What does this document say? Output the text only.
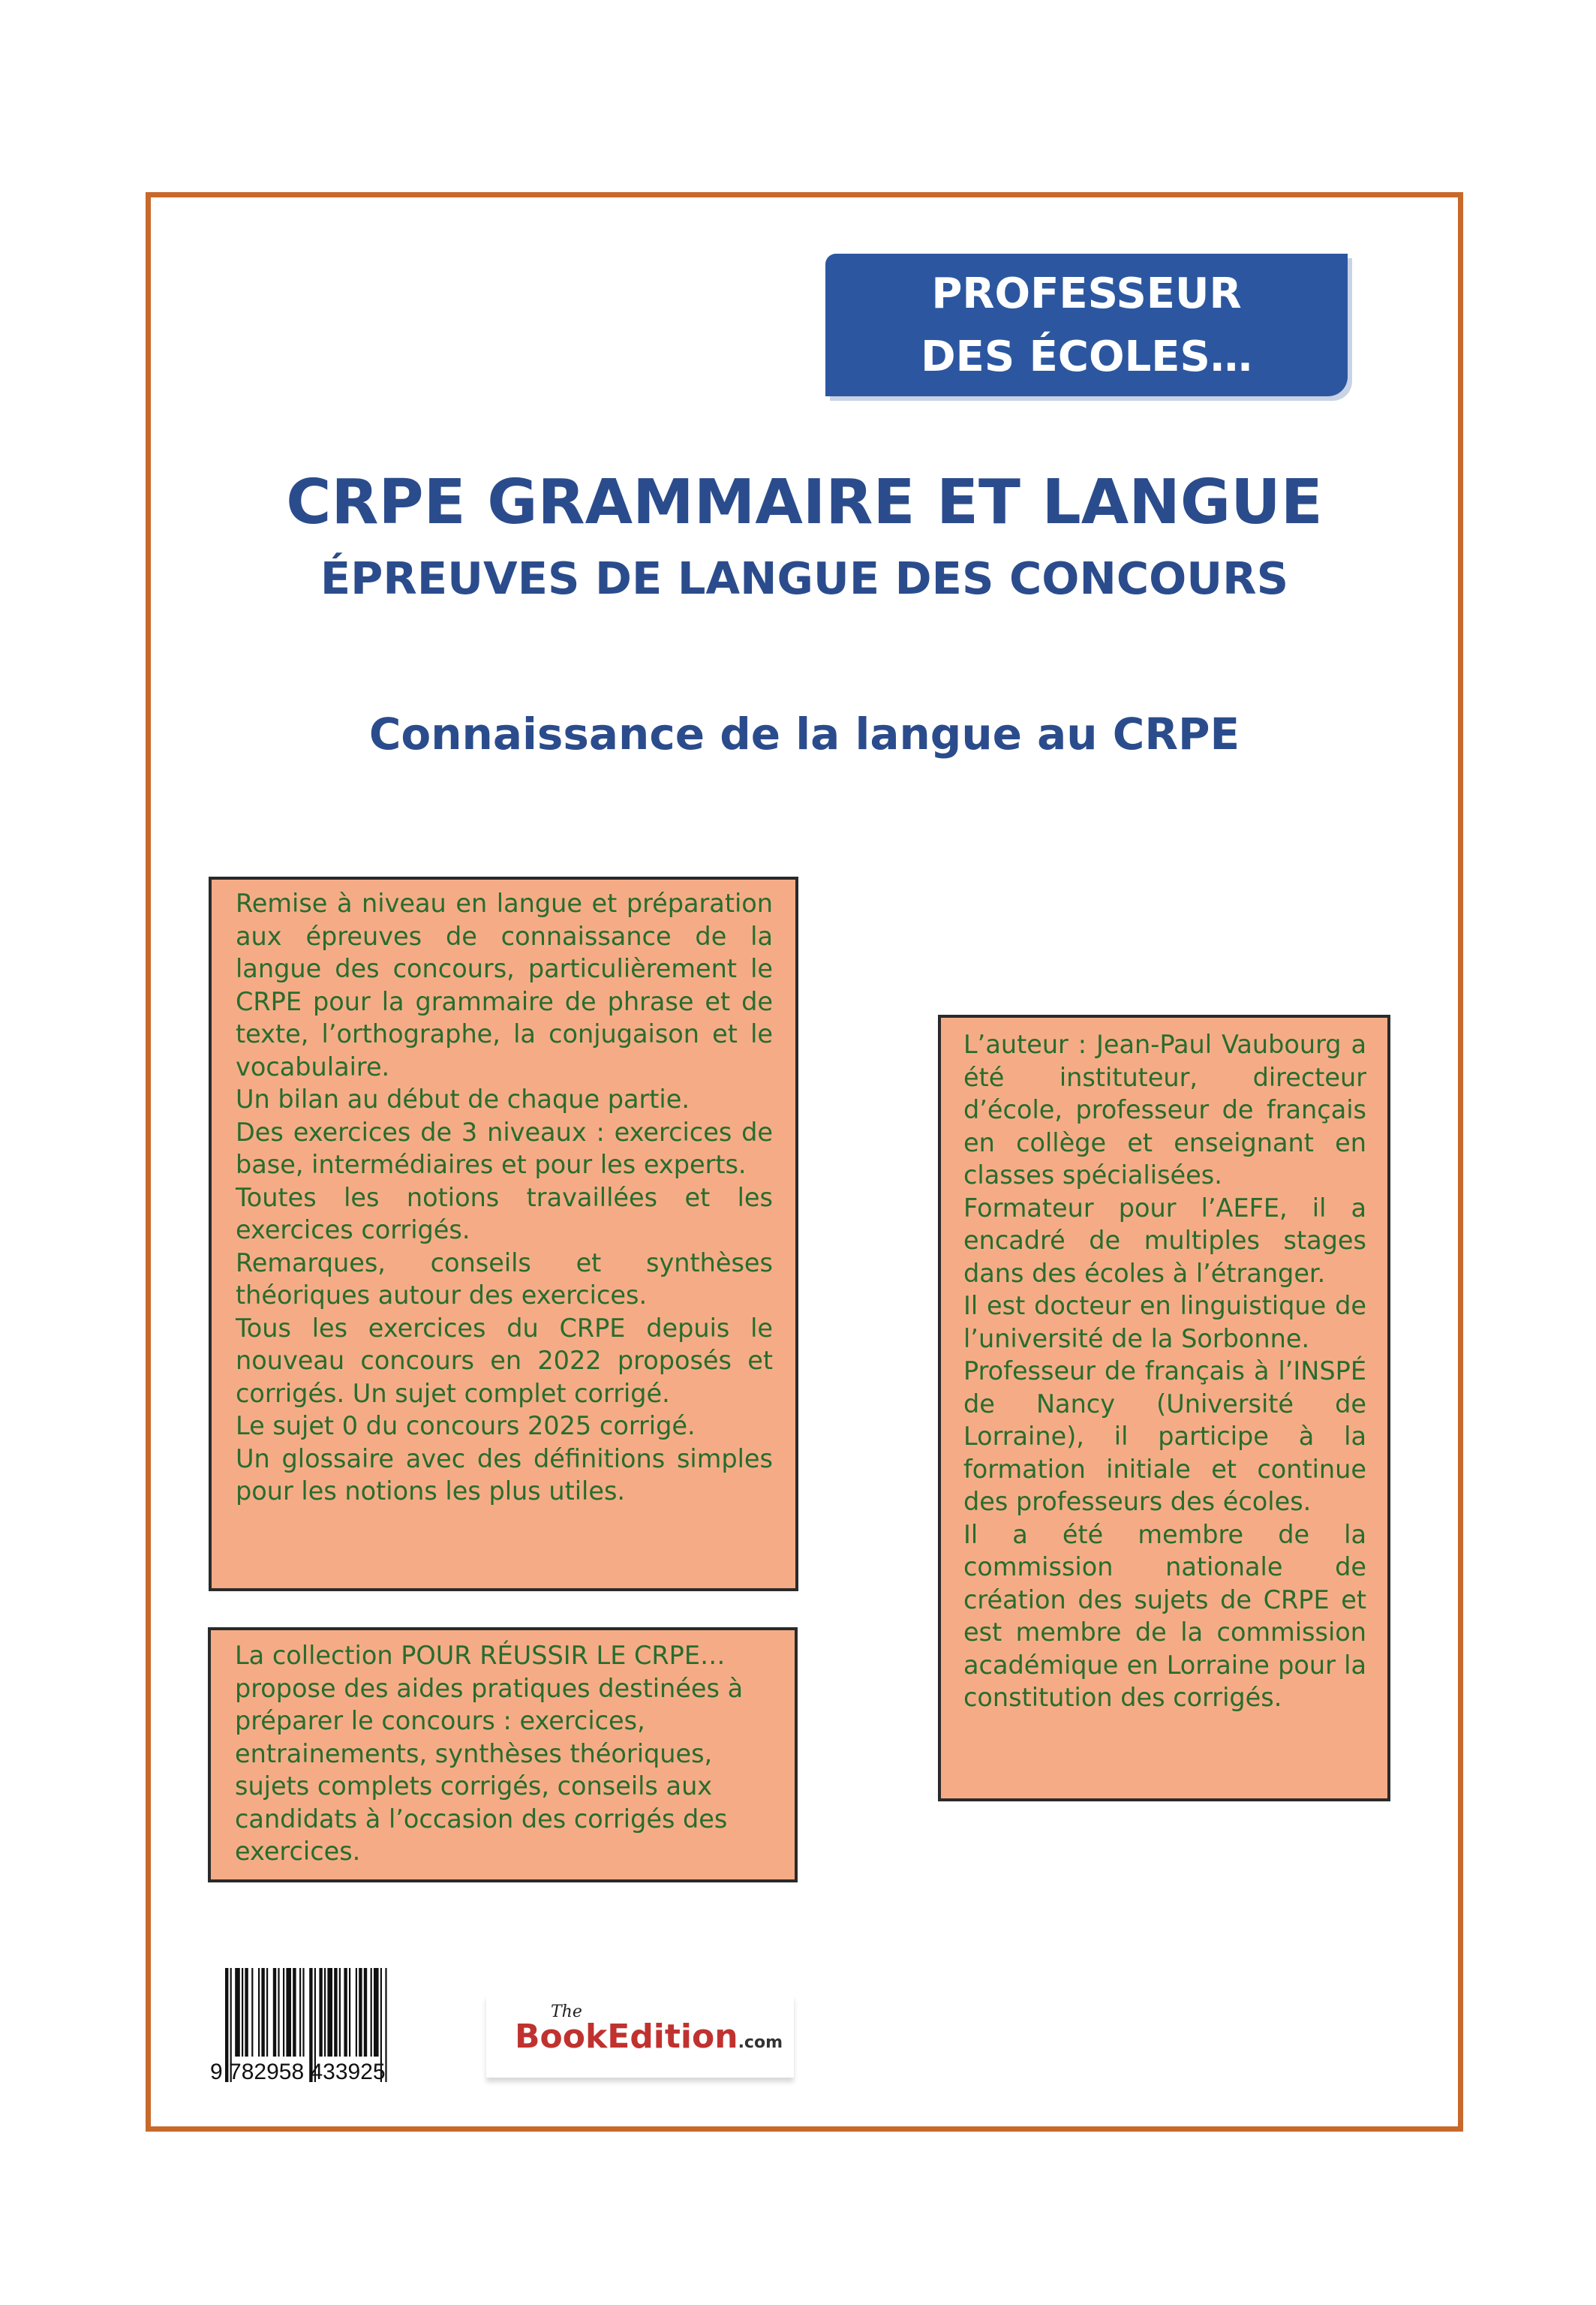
PROFESSEUR
DES ÉCOLES…
CRPE GRAMMAIRE ET LANGUE
ÉPREUVES DE LANGUE DES CONCOURS
Connaissance de la langue au CRPE

Remise à niveau en langue et préparation aux épreuves de connaissance de la langue des concours, particulièrement le CRPE pour la grammaire de phrase et de texte, l’orthographe, la conjugaison et le vocabulaire.

Un bilan au début de chaque partie.

Des exercices de 3 niveaux : exercices de base, intermédiaires et pour les experts.

Toutes les notions travaillées et les exercices corrigés.

Remarques, conseils et synthèses théoriques autour des exercices.

Tous les exercices du CRPE depuis le nouveau concours en 2022 proposés et corrigés. Un sujet complet corrigé.

Le sujet 0 du concours 2025 corrigé.

Un glossaire avec des définitions simples pour les notions les plus utiles.

La collection POUR RÉUSSIR LE CRPE… propose des aides pratiques destinées à préparer le concours : exercices, entrainements, synthèses théoriques, sujets complets corrigés, conseils aux candidats à l’occasion des corrigés des exercices.

L’auteur : Jean-Paul Vaubourg a été instituteur, directeur d’école, professeur de français en collège et enseignant en classes spécialisées.

Formateur pour l’AEFE, il a encadré de multiples stages dans des écoles à l’étranger.

Il est docteur en linguistique de l’université de la Sorbonne.

Professeur de français à l’INSPÉ de Nancy (Université de Lorraine), il participe à la formation initiale et continue des professeurs des écoles.

Il a été membre de la commission nationale de création des sujets de CRPE et est membre de la commission académique en Lorraine pour la constitution des corrigés.

9 782958 433925
The
BookEdition.com
